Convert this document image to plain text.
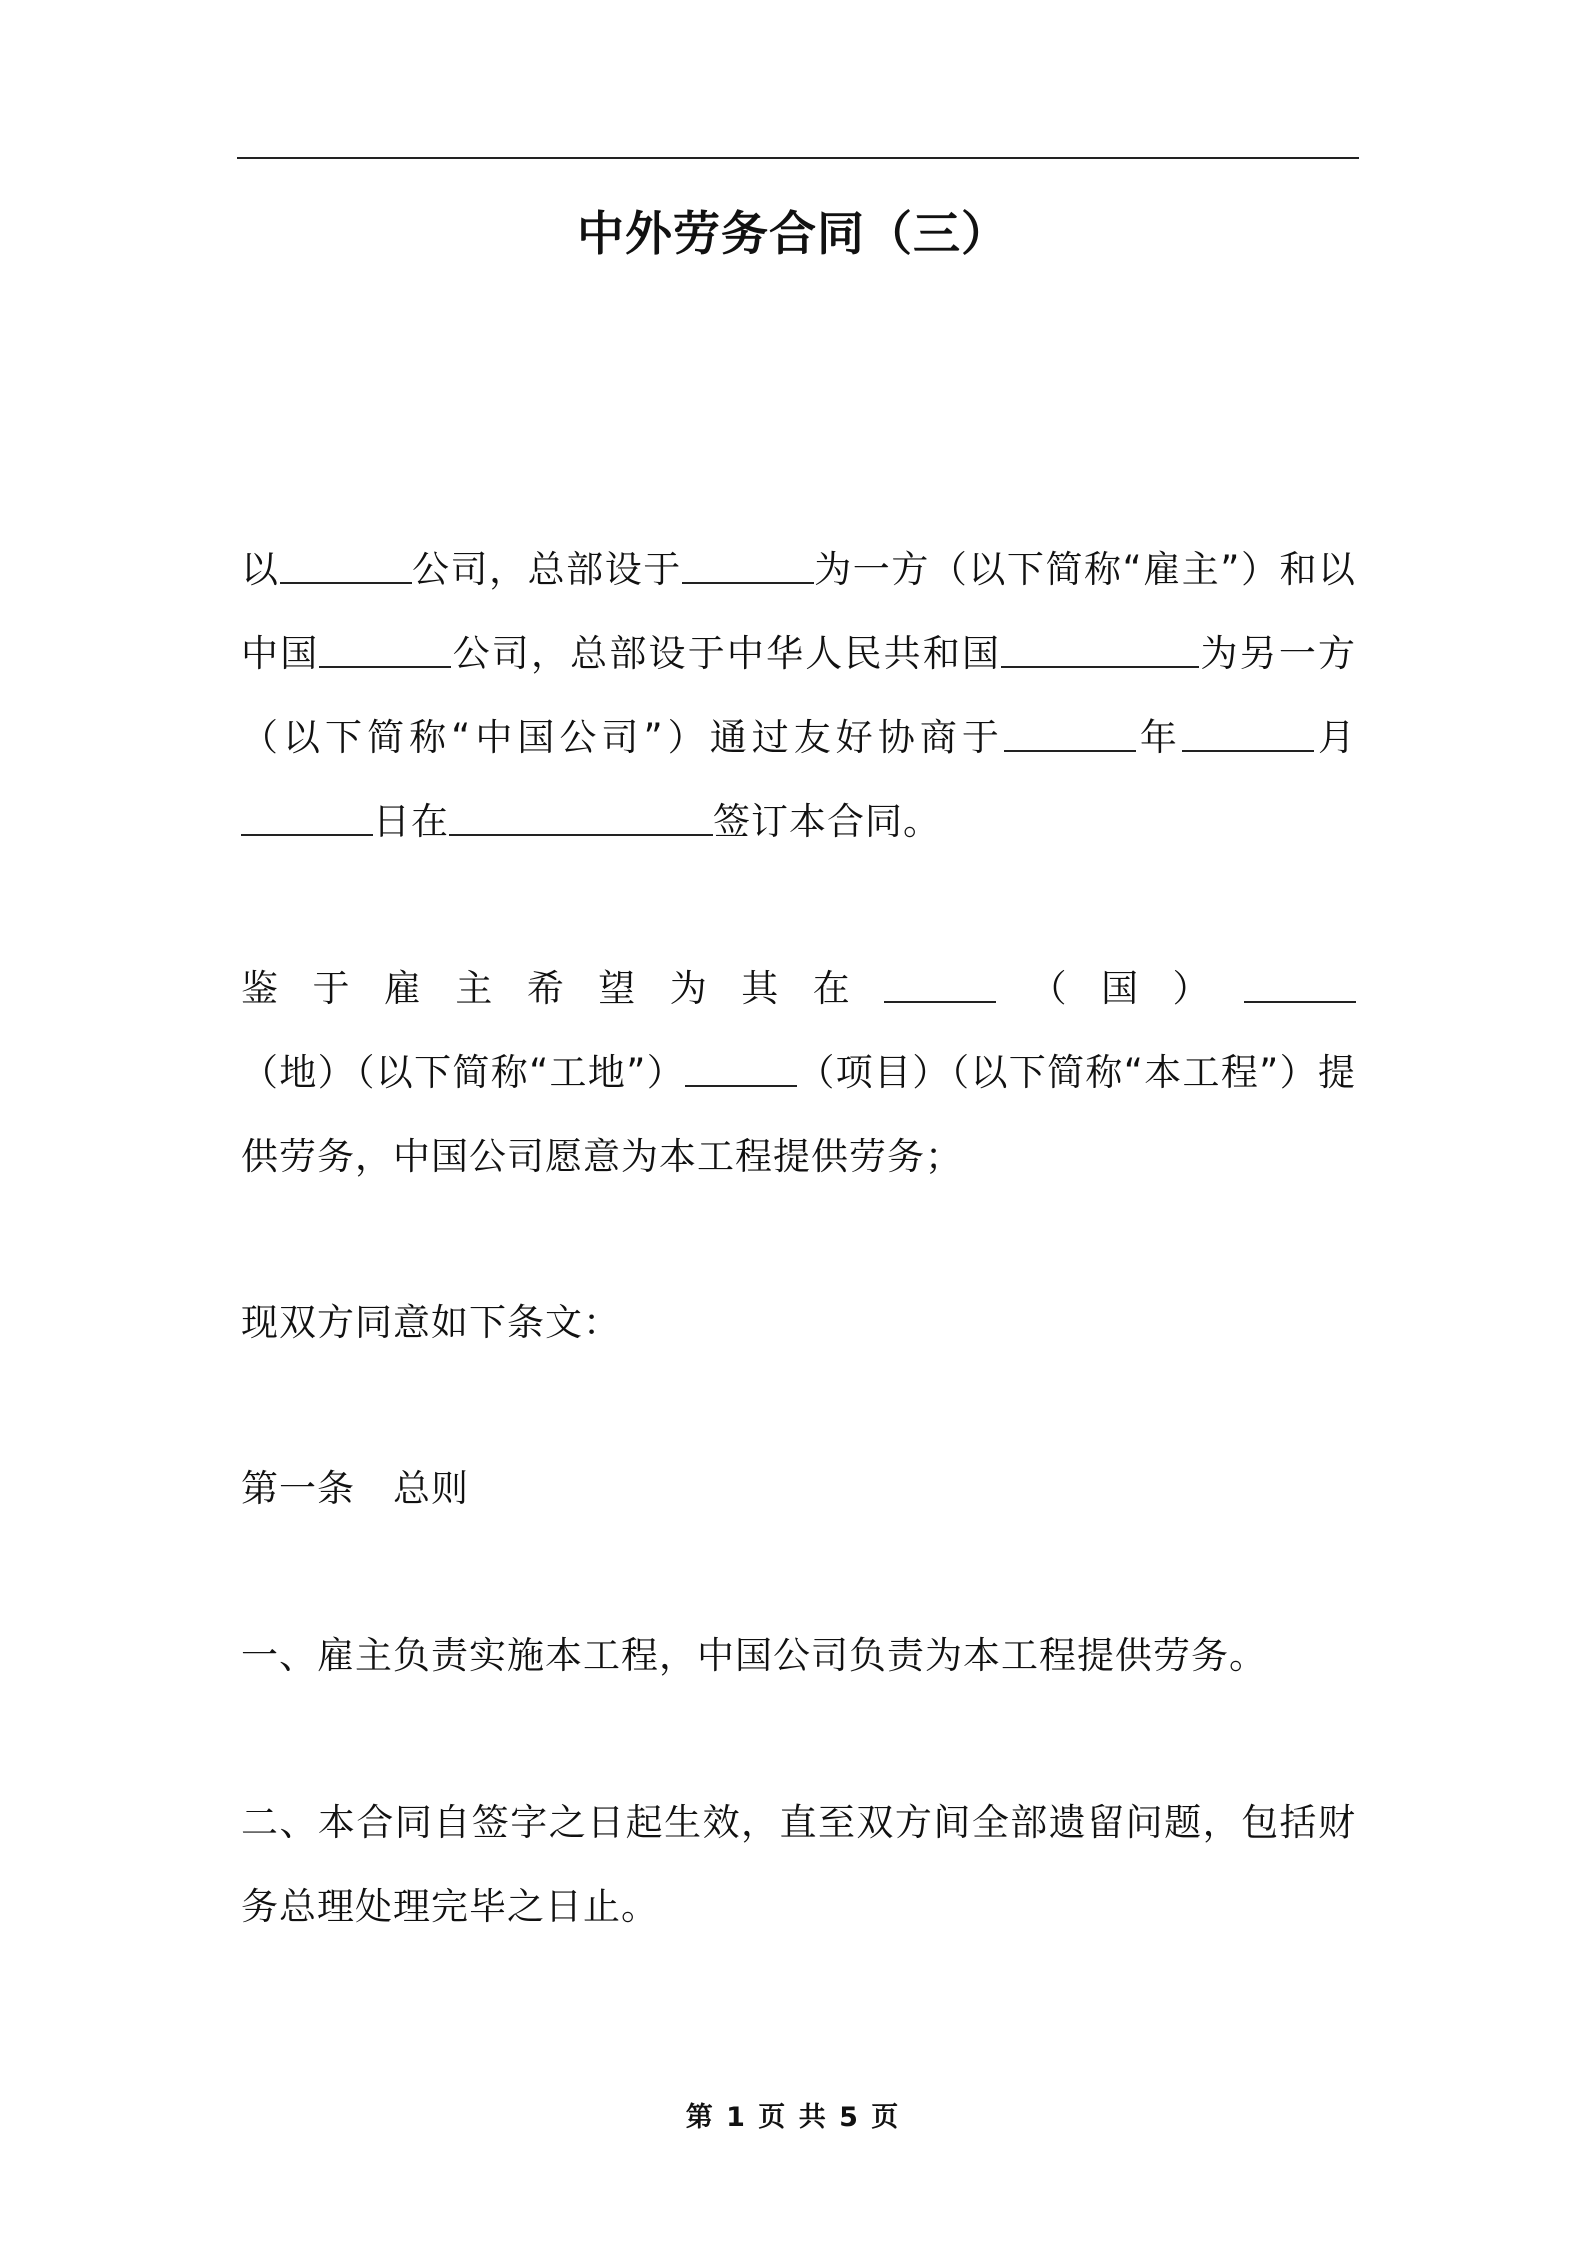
中外劳务合同（三）

以	公司，总部设于	为一方（以下简称“雇主”）和以中国	公司，总部设于中华人民共和国	为另一方（以下简称“中国公司”）通过友好协商于	年	月日在	签订本合同。

鉴于雇主希望为其在	（国）（地）（以下简称“工地”）	（项目）（以下简称“本工程”）提供劳务，中国公司愿意为本工程提供劳务；

现双方同意如下条文：

第一条　总则

一、雇主负责实施本工程，中国公司负责为本工程提供劳务。

二、本合同自签字之日起生效，直至双方间全部遗留问题，包括财务总理处理完毕之日止。

第 1 页 共 5 页
